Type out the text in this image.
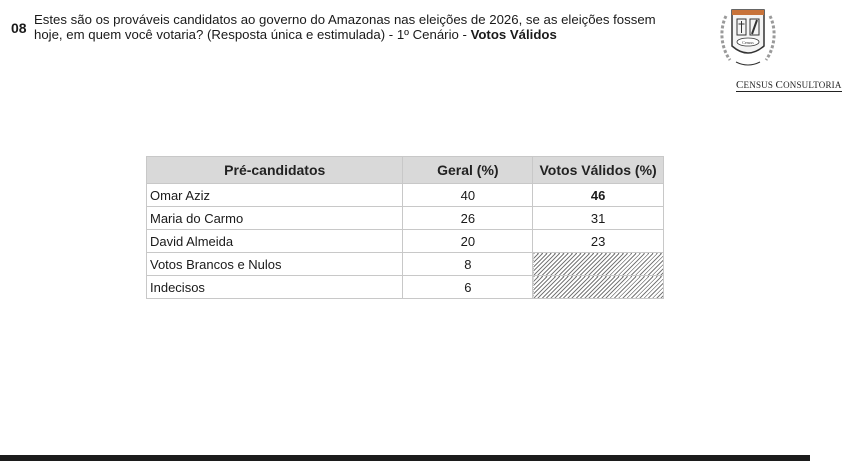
08
Estes são os prováveis candidatos ao governo do Amazonas nas eleições de 2026, se as eleições fossem
hoje, em quem você votaria? (Resposta única e estimulada) - 1º Cenário - Votos Válidos
Census
CENSUS CONSULTORIA
Pré-candidatos	Geral (%)	Votos Válidos (%)
Omar Aziz	40	46
Maria do Carmo	26	31
David Almeida	20	23
Votos Brancos e Nulos	8	
Indecisos	6	
